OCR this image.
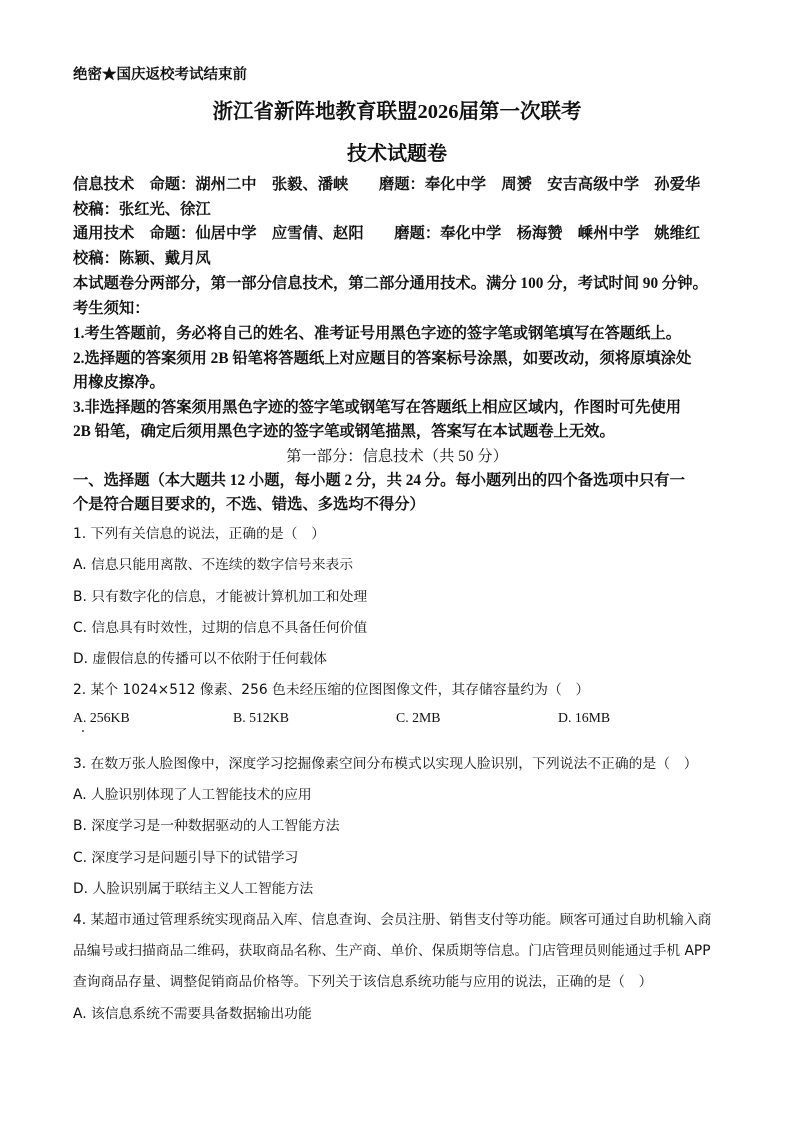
绝密★国庆返校考试结束前
浙江省新阵地教育联盟2026届第一次联考
技术试题卷
信息技术　命题：湖州二中　张毅、潘峡　　磨题：奉化中学　周赟　安吉高级中学　孙爱华
校稿：张红光、徐江
通用技术　命题：仙居中学　应雪倩、赵阳　　磨题：奉化中学　杨海赞　嵊州中学　姚维红
校稿：陈颖、戴月凤
本试题卷分两部分，第一部分信息技术，第二部分通用技术。满分 100 分，考试时间 90 分钟。
考生须知：
1.考生答题前，务必将自己的姓名、准考证号用黑色字迹的签字笔或钢笔填写在答题纸上。
2.选择题的答案须用 2B 铅笔将答题纸上对应题目的答案标号涂黑，如要改动，须将原填涂处
用橡皮擦净。
3.非选择题的答案须用黑色字迹的签字笔或钢笔写在答题纸上相应区域内，作图时可先使用
2B 铅笔，确定后须用黑色字迹的签字笔或钢笔描黑，答案写在本试题卷上无效。
第一部分：信息技术（共 50 分）
一、选择题（本大题共 12 小题，每小题 2 分，共 24 分。每小题列出的四个备选项中只有一
个是符合题目要求的，不选、错选、多选均不得分）
1. 下列有关信息的说法，正确的是（　）
A. 信息只能用离散、不连续的数字信号来表示
B. 只有数字化的信息，才能被计算机加工和处理
C. 信息具有时效性，过期的信息不具备任何价值
D. 虚假信息的传播可以不依附于任何载体
2. 某个 1024×512 像素、256 色未经压缩的位图图像文件，其存储容量约为（　）
A. 256KB	B. 512KB	C. 2MB	D. 16MB
3. 在数万张人脸图像中，深度学习挖掘像素空间分布模式以实现人脸识别，下列说法不正确的是（　）
A. 人脸识别体现了人工智能技术的应用
B. 深度学习是一种数据驱动的人工智能方法
C. 深度学习是问题引导下的试错学习
D. 人脸识别属于联结主义人工智能方法
4. 某超市通过管理系统实现商品入库、信息查询、会员注册、销售支付等功能。顾客可通过自助机输入商
品编号或扫描商品二维码，获取商品名称、生产商、单价、保质期等信息。门店管理员则能通过手机 APP
查询商品存量、调整促销商品价格等。下列关于该信息系统功能与应用的说法，正确的是（　）
A. 该信息系统不需要具备数据输出功能
